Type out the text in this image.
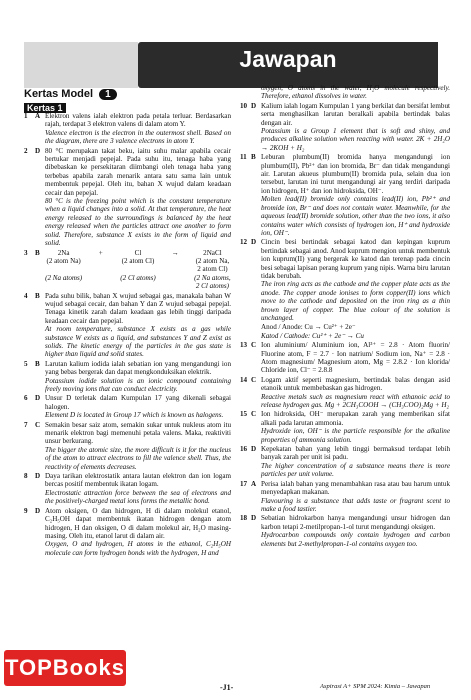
Jawapan
Kertas Model 1
Kertas 1
1	A Elektron valens ialah elektron pada petala terluar. Berdasarkan rajah, terdapat 3 elektron valens di dalam atom Y.
Valence electron is the electron in the outermost shell. Based on the diagram, there are 3 valence electrons in atom Y.
2	D 80 °C merupakan takat beku, iaitu suhu malar apabila cecair bertukar menjadi pepejal. Pada suhu itu, tenaga haba yang dibebaskan ke persekitaran diimbangi oleh tenaga haba yang terbebas apabila zarah menarik antara satu sama lain untuk membentuk pepejal. Oleh itu, bahan X wujud dalam keadaan cecair dan pepejal.
80 °C is the freezing point which is the constant temperature when a liquid changes into a solid. At that temperature, the heat energy released to the surroundings is balanced by the heat energy released when the particles attract one another to form solid. Therefore, substance X exists in the form of liquid and solid.
3	B	2Na	+	Cl	→	2NaCl
(2 atom Na)	(2 atom Cl)	(2 atom Na, 2 atom Cl)
(2 Na atoms)	(2 Cl atoms)	(2 Na atoms, 2 Cl atoms)
4	B Pada suhu bilik, bahan X wujud sebagai gas, manakala bahan W wujud sebagai cecair, dan bahan Y dan Z wujud sebagai pepejal. Tenaga kinetik zarah dalam keadaan gas lebih tinggi daripada keadaan cecair dan pepejal.
At room temperature, substance X exists as a gas while substance W exists as a liquid, and substances Y and Z exist as solids. The kinetic energy of the particles in the gas state is higher than liquid and solid states.
5	B Larutan kalium iodida ialah sebatian ion yang mengandungi ion yang bebas bergerak dan dapat mengkonduksikan elektrik.
Potassium iodide solution is an ionic compound containing freely moving ions that can conduct electricity.
6	D Unsur D terletak dalam Kumpulan 17 yang dikenali sebagai halogen.
Element D is located in Group 17 which is known as halogens.
7	C Semakin besar saiz atom, semakin sukar untuk nukleus atom itu menarik elektron bagi memenuhi petala valens. Maka, reaktiviti unsur berkurang.
The bigger the atomic size, the more difficult is it for the nucleus of the atom to attract electrons to fill the valence shell. Thus, the reactivity of elements decreases.
8	D Daya tarikan elektrostatik antara lautan elektron dan ion logam bercas positif membentuk ikatan logam.
Electrostatic attraction force between the sea of electrons and the positively-charged metal ions forms the metallic bond.
9	D Atom oksigen, O dan hidrogen, H di dalam molekul etanol, C₂H₅OH dapat membentuk ikatan hidrogen dengan atom hidrogen, H dan oksigen, O di dalam molekul air, H₂O masing-masing. Oleh itu, etanol larut di dalam air.
Oxygen, O and hydrogen, H atoms in the ethanol, C₂H₅OH molecule can form hydrogen bonds with the hydrogen, H and
oxygen, O atoms in the water, H₂O molecule respectively. Therefore, ethanol dissolves in water.
10 D Kalium ialah logam Kumpulan 1 yang berkilat dan bersifat lembut serta menghasilkan larutan beralkali apabila bertindak balas dengan air.
Potassium is a Group 1 element that is soft and shiny, and produces alkaline solution when reacting with water. 2K + 2H₂O → 2KOH + H₂
11 B Leburan plumbum(II) bromida hanya mengandungi ion plumbum(II), Pb²⁺ dan ion bromida, Br⁻ dan tidak mengandungi air. Larutan akueus plumbum(II) bromida pula, selain dua ion tersebut, larutan ini turut mengandungi air yang terdiri daripada ion hidrogen, H⁺ dan ion hidroksida, OH⁻.
Molten lead(II) bromide only contains lead(II) ion, Pb²⁺ and bromide ion, Br⁻ and does not contain water. Meanwhile, for the aqueous lead(II) bromide solution, other than the two ions, it also contains water which consists of hydrogen ion, H⁺ and hydroxide ion, OH⁻.
12 D Cincin besi bertindak sebagai katod dan kepingan kuprum bertindak sebagai anod. Anod kuprum mengion untuk membentuk ion kuprum(II) yang bergerak ke katod dan terenap pada cincin besi sebagai lapisan perang kuprum yang nipis. Warna biru larutan tidak berubah.
The iron ring acts as the cathode and the copper plate acts as the anode. The copper anode ionises to form copper(II) ions which move to the cathode and deposited on the iron ring as a thin brown layer of copper. The blue colour of the solution is unchanged.
Anod / Anode: Cu → Cu²⁺ + 2e⁻
Katod / Cathode: Cu²⁺ + 2e⁻ → Cu
13 C Ion aluminium/ Aluminium ion, Al³⁺ = 2.8 · Atom fluorin/ Fluorine atom, F = 2.7 · Ion natrium/ Sodium ion, Na⁺ = 2.8 · Atom magnesium/ Magnesium atom, Mg = 2.8.2 · Ion klorida/ Chloride ion, Cl⁻ = 2.8.8
14 C Logam aktif seperti magnesium, bertindak balas dengan asid etanoik untuk membebaskan gas hidrogen.
Reactive metals such as magnesium react with ethanoic acid to release hydrogen gas. Mg + 2CH₃COOH → (CH₃COO)₂Mg + H₂
15 C Ion hidroksida, OH⁻ merupakan zarah yang memberikan sifat alkali pada larutan ammonia.
Hydroxide ion, OH⁻ is the particle responsible for the alkaline properties of ammonia solution.
16 D Kepekatan bahan yang lebih tinggi bermaksud terdapat lebih banyak zarah per unit isi padu.
The higher concentration of a substance means there is more particles per unit volume.
17 A Perisa ialah bahan yang menambahkan rasa atau bau harum untuk menyedapkan makanan.
Flavouring is a substance that adds taste or fragrant scent to make a food tastier.
18 D Sebatian hidrokarbon hanya mengandungi unsur hidrogen dan karbon tetapi 2-metilpropan-1-ol turut mengandungi oksigen.
Hydrocarbon compounds only contain hydrogen and carbon elements but 2-methylpropan-1-ol contains oxygen too.
TOPBooks
-J1-	Aspirasi A+ SPM 2024: Kimia – Jawapan
